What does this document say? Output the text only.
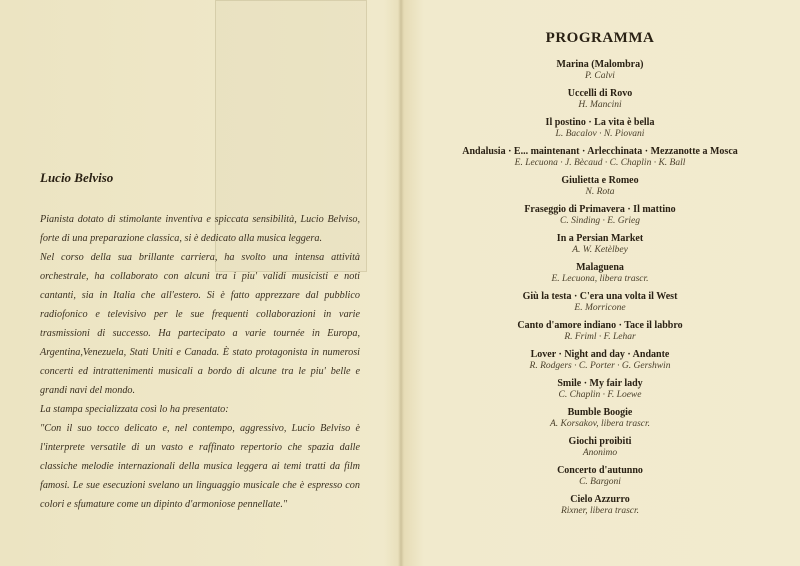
Lucio Belviso

Pianista dotato di stimolante inventiva e spiccata sensibilità, Lucio Belviso, forte di una preparazione classica, si è dedicato alla musica leggera.

Nel corso della sua brillante carriera, ha svolto una intensa attività orchestrale, ha collaborato con alcuni tra i piu' validi musicisti e noti cantanti, sia in Italia che all'estero. Si è fatto apprezzare dal pubblico radiofonico e televisivo per le sue frequenti collaborazioni in varie trasmissioni di successo. Ha partecipato a varie tournée in Europa, Argentina,Venezuela, Stati Uniti e Canada. È stato protagonista in numerosi concerti ed intrattenimenti musicali a bordo di alcune tra le piu' belle e grandi navi del mondo.

La stampa specializzata così lo ha presentato:

"Con il suo tocco delicato e, nel contempo, aggressivo, Lucio Belviso è l'interprete versatile di un vasto e raffinato repertorio che spazia dalle classiche melodie internazionali della musica leggera ai temi tratti da film famosi. Le sue esecuzioni svelano un linguaggio musicale che è espresso con colori e sfumature come un dipinto d'armoniose pennellate."

PROGRAMMA
Marina (Malombra)
P. Calvi
Uccelli di Rovo
H. Mancini
Il postino · La vita è bella
L. Bacalov · N. Piovani
Andalusia · E... maintenant · Arlecchinata · Mezzanotte a Mosca
E. Lecuona · J. Bècaud · C. Chaplin · K. Ball
Giulietta e Romeo
N. Rota
Fraseggio di Primavera · Il mattino
C. Sinding · E. Grieg
In a Persian Market
A. W. Ketèlbey
Malaguena
E. Lecuona, libera trascr.
Giù la testa · C'era una volta il West
E. Morricone
Canto d'amore indiano · Tace il labbro
R. Friml · F. Lehar
Lover · Night and day · Andante
R. Rodgers · C. Porter · G. Gershwin
Smile · My fair lady
C. Chaplin · F. Loewe
Bumble Boogie
A. Korsakov, libera trascr.
Giochi proibiti
Anonimo
Concerto d'autunno
C. Bargoni
Cielo Azzurro
Rixner, libera trascr.
